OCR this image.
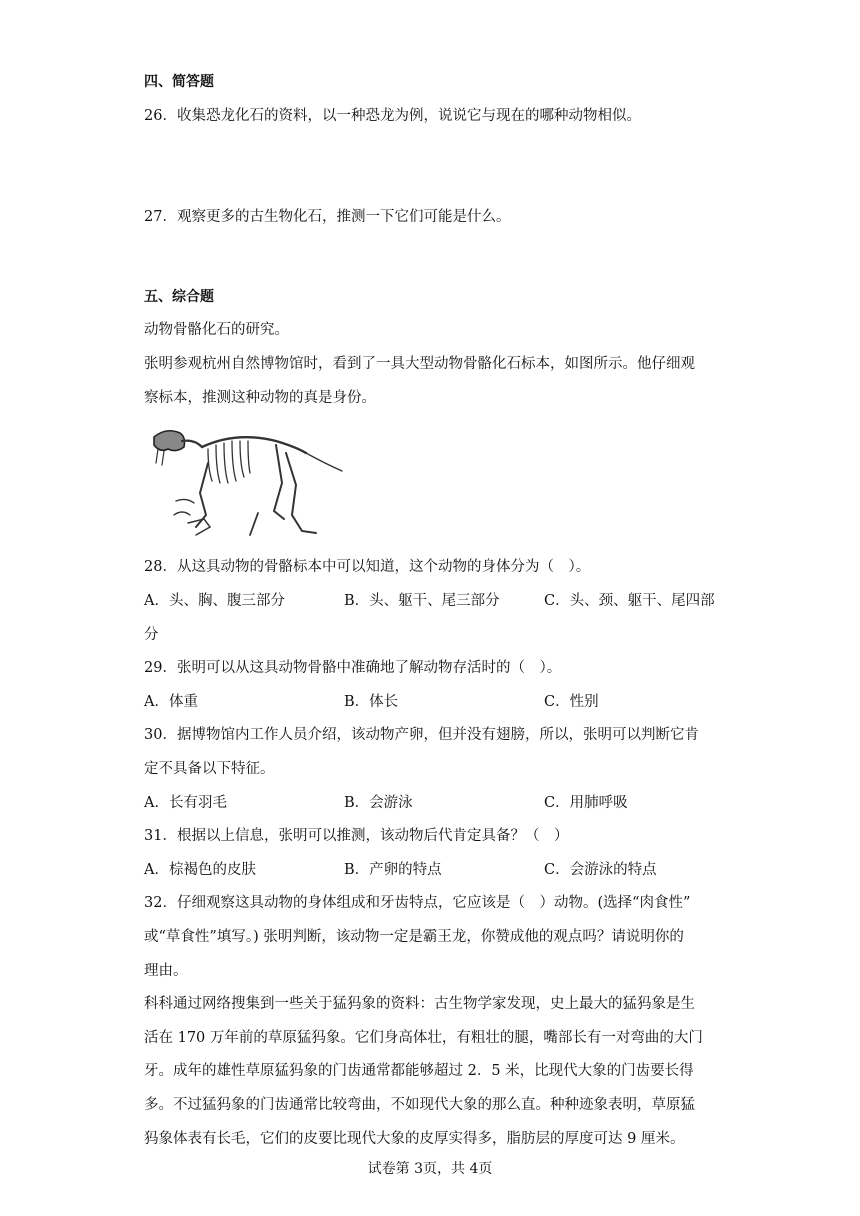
四、简答题
26．收集恐龙化石的资料，以一种恐龙为例，说说它与现在的哪种动物相似。
27．观察更多的古生物化石，推测一下它们可能是什么。
五、综合题
动物骨骼化石的研究。
张明参观杭州自然博物馆时，看到了一具大型动物骨骼化石标本，如图所示。他仔细观
察标本，推测这种动物的真是身份。
28．从这具动物的骨骼标本中可以知道，这个动物的身体分为（　）。
A．头、胸、腹三部分	B．头、躯干、尾三部分	C．头、颈、躯干、尾四部
分
29．张明可以从这具动物骨骼中准确地了解动物存活时的（　）。
A．体重	B．体长	C．性别
30．据博物馆内工作人员介绍，该动物产卵，但并没有翅膀，所以，张明可以判断它肯
定不具备以下特征。
A．长有羽毛	B．会游泳	C．用肺呼吸
31．根据以上信息，张明可以推测，该动物后代肯定具备？（　）
A．棕褐色的皮肤	B．产卵的特点	C．会游泳的特点
32．仔细观察这具动物的身体组成和牙齿特点，它应该是（　）动物。(选择“肉食性”
或“草食性”填写。) 张明判断，该动物一定是霸王龙，你赞成他的观点吗？请说明你的
理由。
科科通过网络搜集到一些关于猛犸象的资料：古生物学家发现，史上最大的猛犸象是生
活在 170 万年前的草原猛犸象。它们身高体壮，有粗壮的腿，嘴部长有一对弯曲的大门
牙。成年的雄性草原猛犸象的门齿通常都能够超过 2．5 米，比现代大象的门齿要长得
多。不过猛犸象的门齿通常比较弯曲，不如现代大象的那么直。种种迹象表明，草原猛
犸象体表有长毛，它们的皮要比现代大象的皮厚实得多，脂肪层的厚度可达 9 厘米。
试卷第 3页，共 4页
